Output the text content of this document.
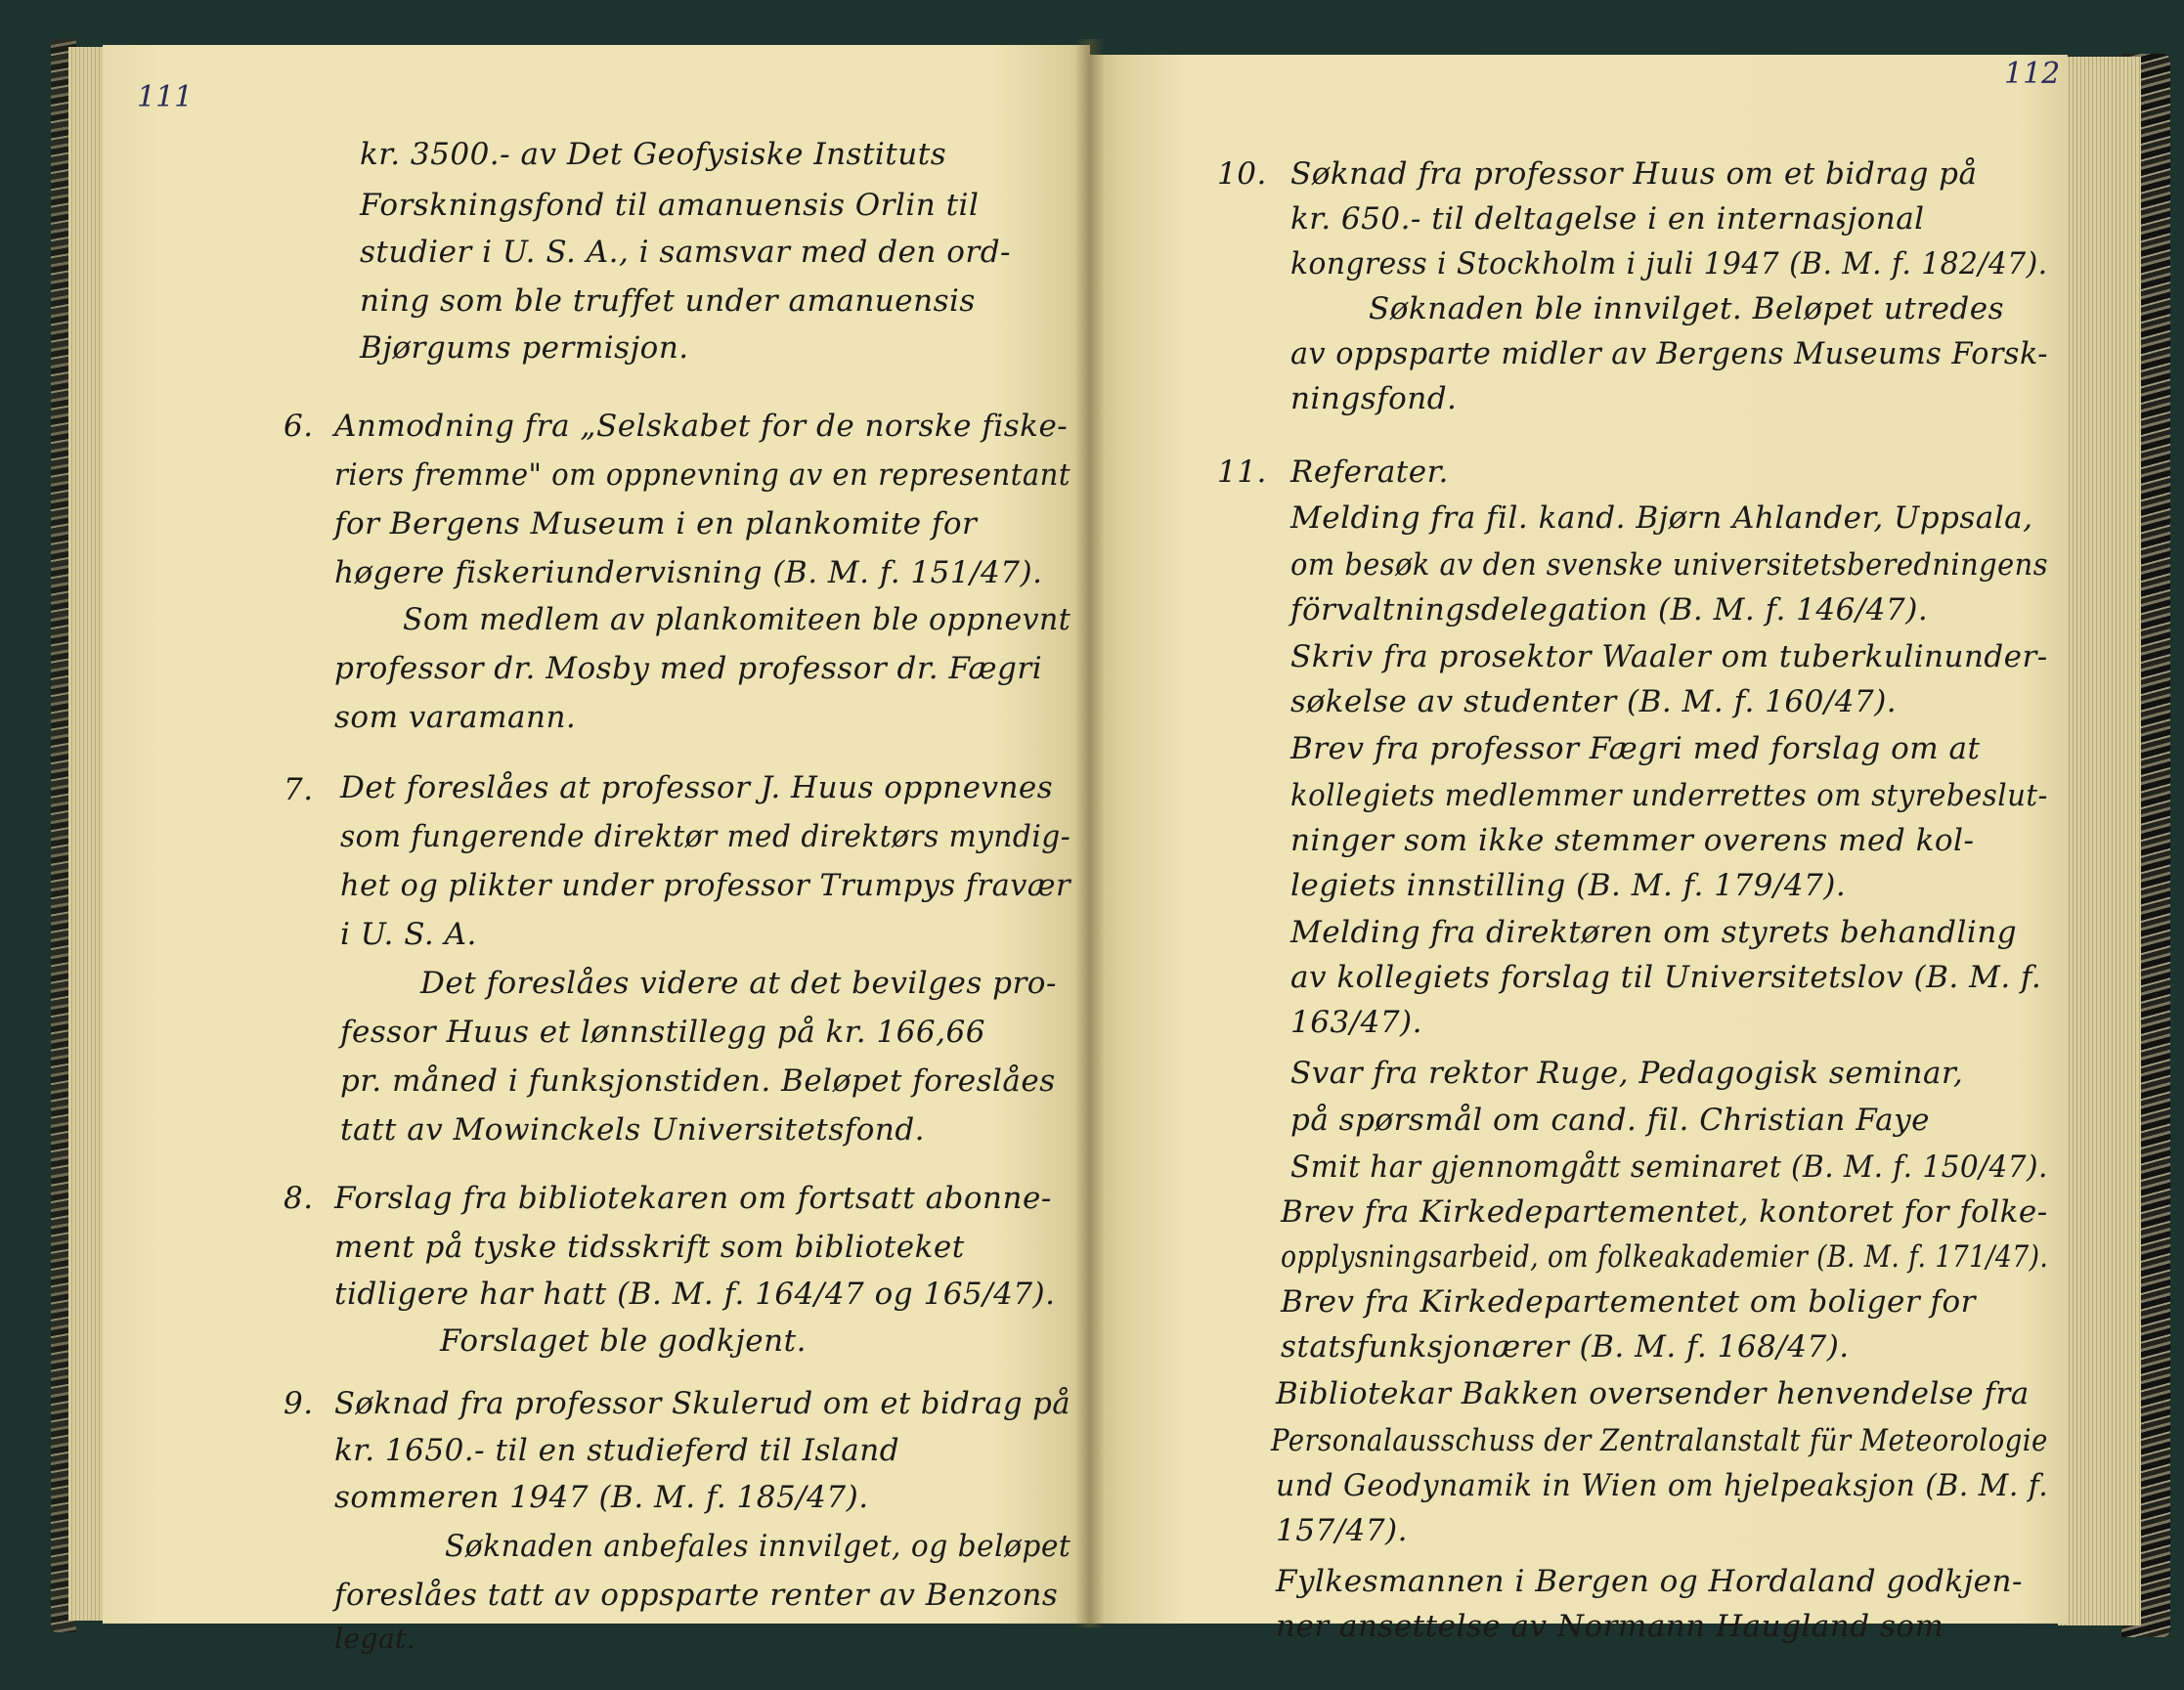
111
kr. 3500.- av Det Geofysiske Instituts
Forskningsfond til amanuensis Orlin til
studier i U. S. A., i samsvar med den ord-
ning som ble truffet under amanuensis
Bjørgums permisjon.
6. Anmodning fra „Selskabet for de norske fiske-
riers fremme" om oppnevning av en representant
for Bergens Museum i en plankomite for
høgere fiskeriundervisning (B. M. f. 151/47).
Som medlem av plankomiteen ble oppnevnt
professor dr. Mosby med professor dr. Fægri
som varamann.
7. Det foreslåes at professor J. Huus oppnevnes
som fungerende direktør med direktørs myndig-
het og plikter under professor Trumpys fravær
i U. S. A.
Det foreslåes videre at det bevilges pro-
fessor Huus et lønnstillegg på kr. 166,66
pr. måned i funksjonstiden. Beløpet foreslåes
tatt av Mowinckels Universitetsfond.
8. Forslag fra bibliotekaren om fortsatt abonne-
ment på tyske tidsskrift som biblioteket
tidligere har hatt (B. M. f. 164/47 og 165/47).
Forslaget ble godkjent.
9. Søknad fra professor Skulerud om et bidrag på
kr. 1650.- til en studieferd til Island
sommeren 1947 (B. M. f. 185/47).
Søknaden anbefales innvilget, og beløpet
foreslåes tatt av oppsparte renter av Benzons
legat.
112
10. Søknad fra professor Huus om et bidrag på
kr. 650.- til deltagelse i en internasjonal
kongress i Stockholm i juli 1947 (B. M. f. 182/47).
Søknaden ble innvilget. Beløpet utredes
av oppsparte midler av Bergens Museums Forsk-
ningsfond.
11. Referater.
Melding fra fil. kand. Bjørn Ahlander, Uppsala,
om besøk av den svenske universitetsberedningens
förvaltningsdelegation (B. M. f. 146/47).
Skriv fra prosektor Waaler om tuberkulinunder-
søkelse av studenter (B. M. f. 160/47).
Brev fra professor Fægri med forslag om at
kollegiets medlemmer underrettes om styrebeslut-
ninger som ikke stemmer overens med kol-
legiets innstilling (B. M. f. 179/47).
Melding fra direktøren om styrets behandling
av kollegiets forslag til Universitetslov (B. M. f.
163/47).
Svar fra rektor Ruge, Pedagogisk seminar,
på spørsmål om cand. fil. Christian Faye
Smit har gjennomgått seminaret (B. M. f. 150/47).
Brev fra Kirkedepartementet, kontoret for folke-
opplysningsarbeid, om folkeakademier (B. M. f. 171/47).
Brev fra Kirkedepartementet om boliger for
statsfunksjonærer (B. M. f. 168/47).
Bibliotekar Bakken oversender henvendelse fra
Personalausschuss der Zentralanstalt für Meteorologie
und Geodynamik in Wien om hjelpeaksjon (B. M. f.
157/47).
Fylkesmannen i Bergen og Hordaland godkjen-
ner ansettelse av Normann Haugland som
